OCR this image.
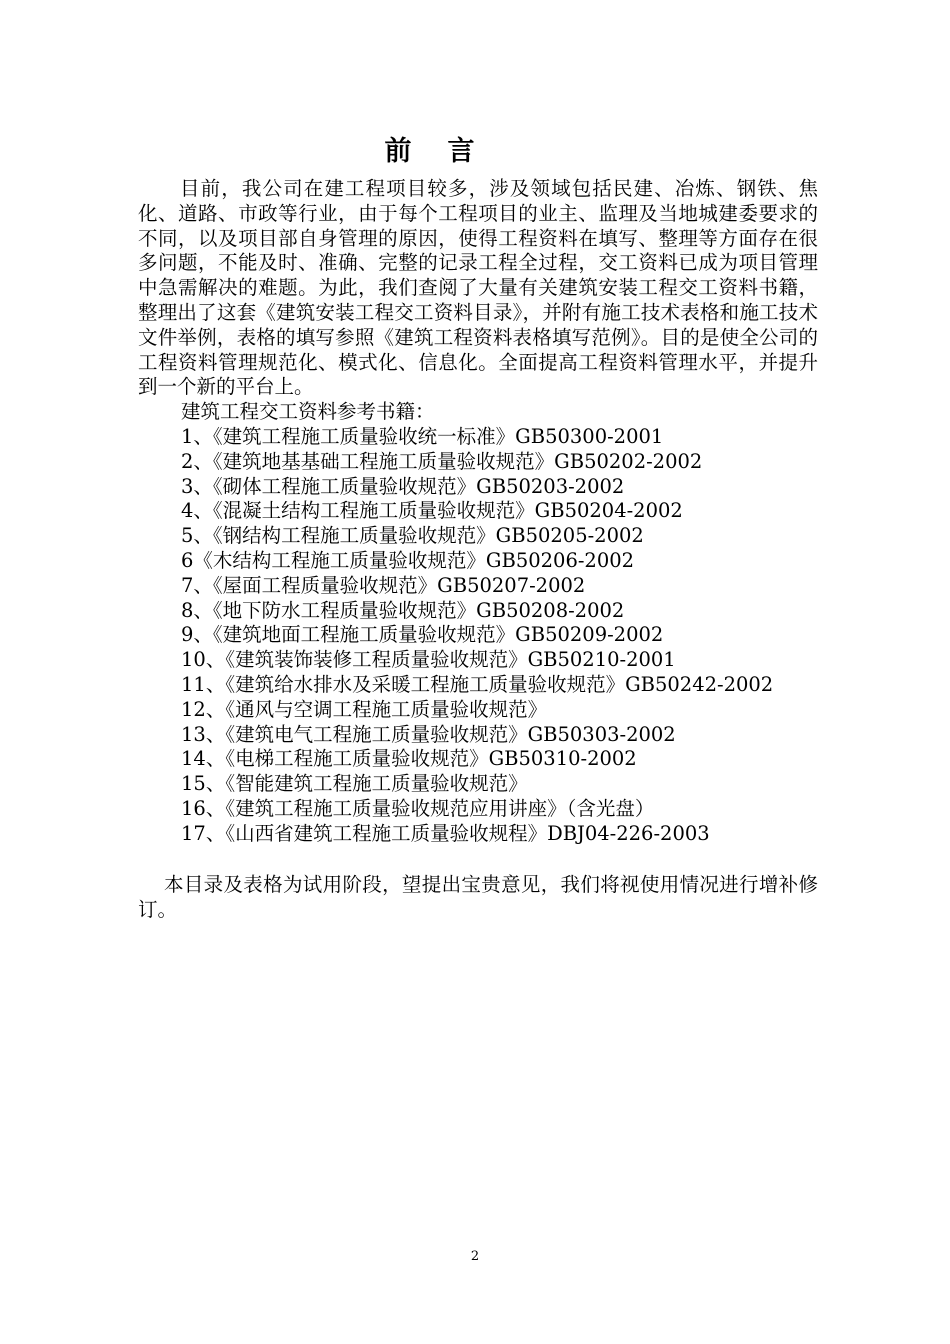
前言

目前，我公司在建工程项目较多，涉及领域包括民建、冶炼、钢铁、焦化、道路、市政等行业，由于每个工程项目的业主、监理及当地城建委要求的不同，以及项目部自身管理的原因，使得工程资料在填写、整理等方面存在很多问题，不能及时、准确、完整的记录工程全过程，交工资料已成为项目管理中急需解决的难题。为此，我们查阅了大量有关建筑安装工程交工资料书籍，整理出了这套《建筑安装工程交工资料目录》，并附有施工技术表格和施工技术文件举例，表格的填写参照《建筑工程资料表格填写范例》。目的是使全公司的工程资料管理规范化、模式化、信息化。全面提高工程资料管理水平，并提升到一个新的平台上。

建筑工程交工资料参考书籍：
1、《建筑工程施工质量验收统一标准》GB50300-2001
2、《建筑地基基础工程施工质量验收规范》GB50202-2002
3、《砌体工程施工质量验收规范》GB50203-2002
4、《混凝土结构工程施工质量验收规范》GB50204-2002
5、《钢结构工程施工质量验收规范》GB50205-2002
6《木结构工程施工质量验收规范》GB50206-2002
7、《屋面工程质量验收规范》GB50207-2002
8、《地下防水工程质量验收规范》GB50208-2002
9、《建筑地面工程施工质量验收规范》GB50209-2002
10、《建筑装饰装修工程质量验收规范》GB50210-2001
11、《建筑给水排水及采暖工程施工质量验收规范》GB50242-2002
12、《通风与空调工程施工质量验收规范》
13、《建筑电气工程施工质量验收规范》GB50303-2002
14、《电梯工程施工质量验收规范》GB50310-2002
15、《智能建筑工程施工质量验收规范》
16、《建筑工程施工质量验收规范应用讲座》（含光盘）
17、《山西省建筑工程施工质量验收规程》DBJ04-226-2003

本目录及表格为试用阶段，望提出宝贵意见，我们将视使用情况进行增补修订。

2
